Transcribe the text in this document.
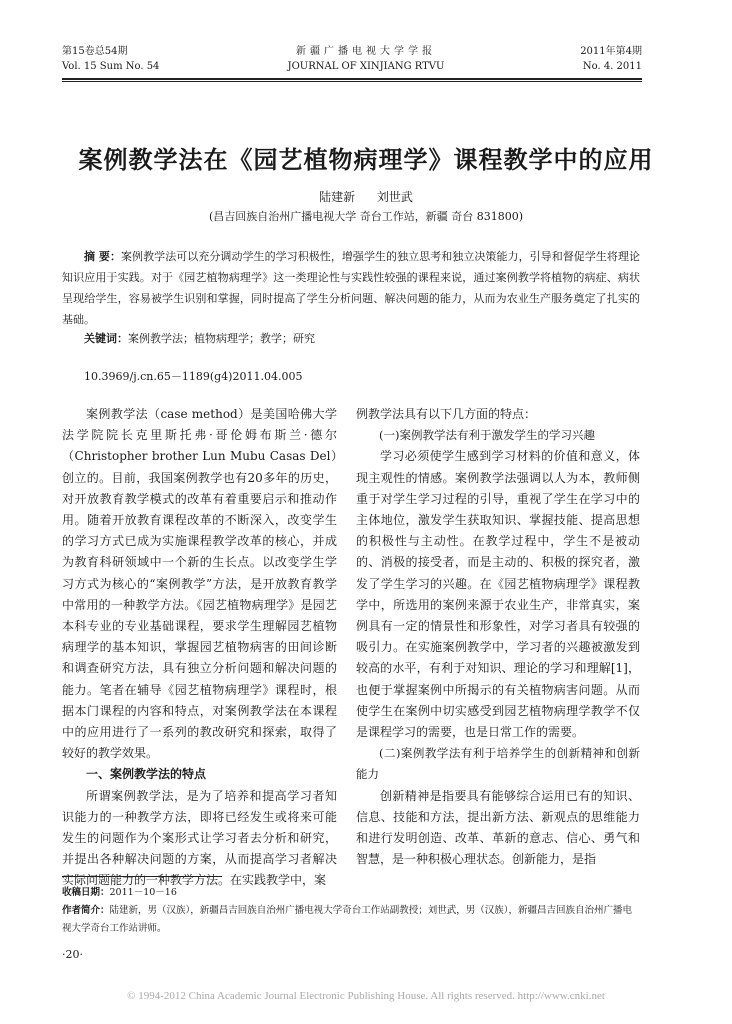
第15卷总54期
Vol. 15 Sum No. 54
新疆广播电视大学学报
JOURNAL OF XINJIANG RTVU
2011年第4期
No. 4. 2011
案例教学法在《园艺植物病理学》课程教学中的应用
陆建新 刘世武
(昌吉回族自治州广播电视大学 奇台工作站，新疆 奇台 831800)
摘 要：案例教学法可以充分调动学生的学习积极性，增强学生的独立思考和独立决策能力，引导和督促学生将理论知识应用于实践。对于《园艺植物病理学》这一类理论性与实践性较强的课程来说，通过案例教学将植物的病症、病状呈现给学生，容易被学生识别和掌握，同时提高了学生分析问题、解决问题的能力，从而为农业生产服务奠定了扎实的基础。
关键词：案例教学法；植物病理学；教学；研究
10.3969/j.cn.65－1189(g4)2011.04.005

案例教学法（case method）是美国哈佛大学法学院院长克里斯托弗·哥伦姆布斯兰·德尔（Christopher brother Lun Mubu Casas Del）创立的。目前，我国案例教学也有20多年的历史，对开放教育教学模式的改革有着重要启示和推动作用。随着开放教育课程改革的不断深入，改变学生的学习方式已成为实施课程教学改革的核心，并成为教育科研领域中一个新的生长点。以改变学生学习方式为核心的“案例教学”方法，是开放教育教学中常用的一种教学方法。《园艺植物病理学》是园艺本科专业的专业基础课程，要求学生理解园艺植物病理学的基本知识，掌握园艺植物病害的田间诊断和调查研究方法，具有独立分析问题和解决问题的能力。笔者在辅导《园艺植物病理学》课程时，根据本门课程的内容和特点，对案例教学法在本课程中的应用进行了一系列的教改研究和探索，取得了较好的教学效果。

一、案例教学法的特点

所谓案例教学法，是为了培养和提高学习者知识能力的一种教学方法，即将已经发生或将来可能发生的问题作为个案形式让学习者去分析和研究，并提出各种解决问题的方案，从而提高学习者解决实际问题能力的一种教学方法。在实践教学中，案

例教学法具有以下几方面的特点：

(一)案例教学法有利于激发学生的学习兴趣

学习必须使学生感到学习材料的价值和意义，体现主观性的情感。案例教学法强调以人为本，教师侧重于对学生学习过程的引导，重视了学生在学习中的主体地位，激发学生获取知识、掌握技能、提高思想的积极性与主动性。在教学过程中，学生不是被动的、消极的接受者，而是主动的、积极的探究者，激发了学生学习的兴趣。在《园艺植物病理学》课程教学中，所选用的案例来源于农业生产，非常真实，案例具有一定的情景性和形象性，对学习者具有较强的吸引力。在实施案例教学中，学习者的兴趣被激发到较高的水平，有利于对知识、理论的学习和理解[1]，也便于掌握案例中所揭示的有关植物病害问题。从而使学生在案例中切实感受到园艺植物病理学教学不仅是课程学习的需要，也是日常工作的需要。

(二)案例教学法有利于培养学生的创新精神和创新能力

创新精神是指要具有能够综合运用已有的知识、信息、技能和方法，提出新方法、新观点的思维能力和进行发明创造、改革、革新的意志、信心、勇气和智慧，是一种积极心理状态。创新能力，是指

收稿日期：2011－10－16
作者简介：陆建新，男（汉族），新疆昌吉回族自治州广播电视大学奇台工作站副教授；刘世武，男（汉族），新疆昌吉回族自治州广播电视大学奇台工作站讲师。
·20·
© 1994-2012 China Academic Journal Electronic Publishing House. All rights reserved. http://www.cnki.net
